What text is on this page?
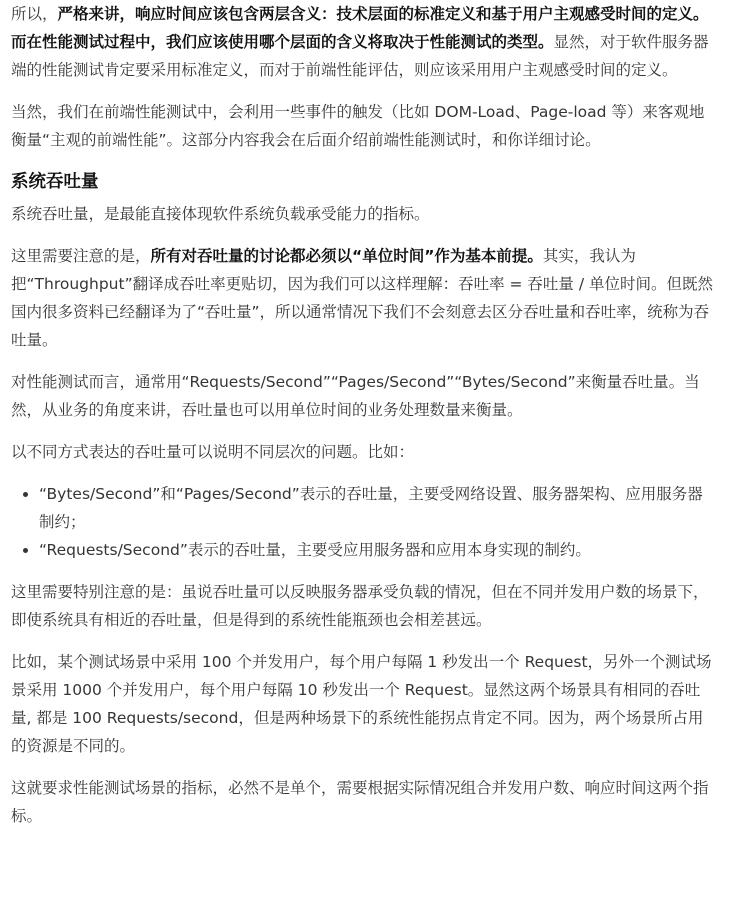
所以，严格来讲，响应时间应该包含两层含义：技术层面的标准定义和基于用户主观感受时间的定义。而在性能测试过程中，我们应该使用哪个层面的含义将取决于性能测试的类型。显然，对于软件服务器端的性能测试肯定要采用标准定义，而对于前端性能评估，则应该采用用户主观感受时间的定义。

当然，我们在前端性能测试中，会利用一些事件的触发（比如 DOM-Load、Page-load 等）来客观地衡量“主观的前端性能”。这部分内容我会在后面介绍前端性能测试时，和你详细讨论。

系统吞吐量

系统吞吐量，是最能直接体现软件系统负载承受能力的指标。

这里需要注意的是，所有对吞吐量的讨论都必须以“单位时间”作为基本前提。其实，我认为把“Throughput”翻译成吞吐率更贴切，因为我们可以这样理解：吞吐率 = 吞吐量 / 单位时间。但既然国内很多资料已经翻译为了“吞吐量”，所以通常情况下我们不会刻意去区分吞吐量和吞吐率，统称为吞吐量。

对性能测试而言，通常用“Requests/Second”“Pages/Second”“Bytes/Second”来衡量吞吐量。当然，从业务的角度来讲，吞吐量也可以用单位时间的业务处理数量来衡量。

以不同方式表达的吞吐量可以说明不同层次的问题。比如：

• “Bytes/Second”和“Pages/Second”表示的吞吐量，主要受网络设置、服务器架构、应用服务器制约；
• “Requests/Second”表示的吞吐量，主要受应用服务器和应用本身实现的制约。

这里需要特别注意的是：虽说吞吐量可以反映服务器承受负载的情况，但在不同并发用户数的场景下，即使系统具有相近的吞吐量，但是得到的系统性能瓶颈也会相差甚远。

比如，某个测试场景中采用 100 个并发用户，每个用户每隔 1 秒发出一个 Request，另外一个测试场景采用 1000 个并发用户，每个用户每隔 10 秒发出一个 Request。显然这两个场景具有相同的吞吐量, 都是 100 Requests/second，但是两种场景下的系统性能拐点肯定不同。因为，两个场景所占用的资源是不同的。

这就要求性能测试场景的指标，必然不是单个，需要根据实际情况组合并发用户数、响应时间这两个指标。
